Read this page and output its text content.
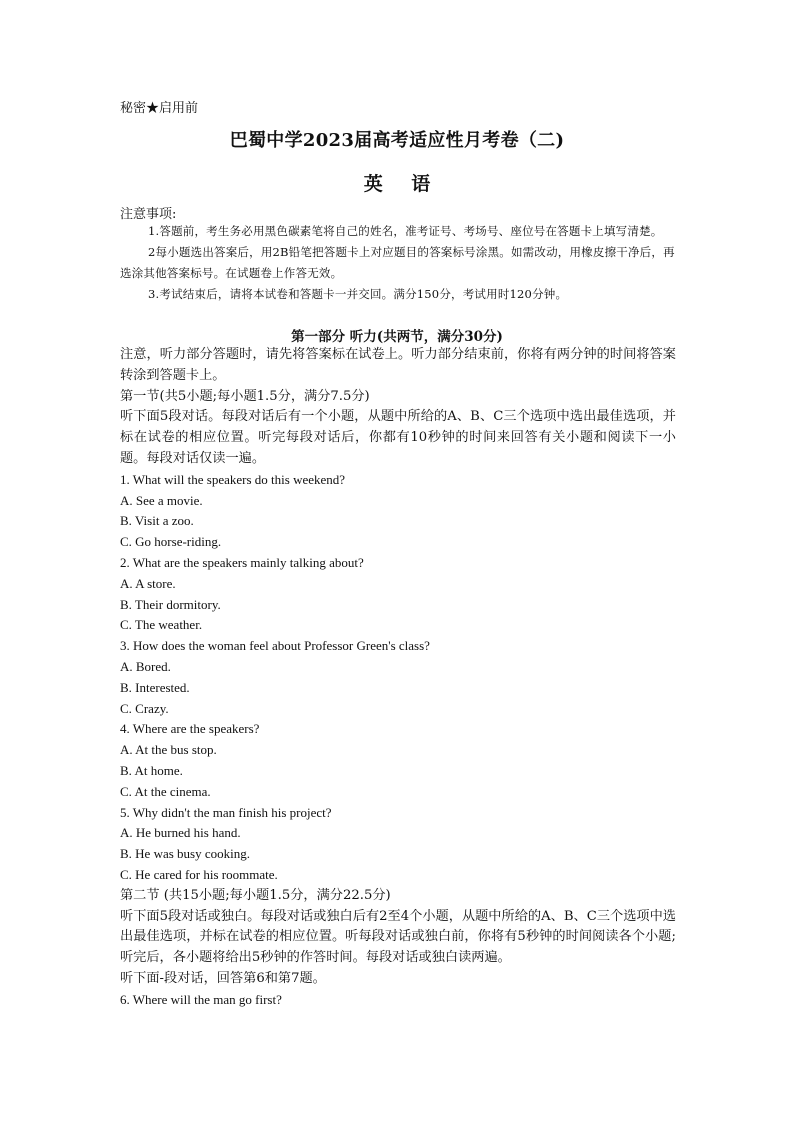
秘密★启用前
巴蜀中学2023届高考适应性月考卷（二)
英 语
注意事项:

1.答题前，考生务必用黑色碳素笔将自己的姓名，准考证号、考场号、座位号在答题卡上填写清楚。

2每小题选出答案后，用2B铅笔把答题卡上对应题目的答案标号涂黑。如需改动，用橡皮擦干净后，再选涂其他答案标号。在试题卷上作答无效。

3.考试结束后，请将本试卷和答题卡一并交回。满分150分，考试用时120分钟。

第一部分 听力(共两节，满分30分)
注意，听力部分答题时，请先将答案标在试卷上。听力部分结束前，你将有两分钟的时间将答案转涂到答题卡上。
第一节(共5小题;每小题1.5分，满分7.5分)
听下面5段对话。每段对话后有一个小题，从题中所给的A、B、C三个选项中选出最佳选项，并标在试卷的相应位置。听完每段对话后，你都有10秒钟的时间来回答有关小题和阅读下一小题。每段对话仅读一遍。
1. What will the speakers do this weekend?
A. See a movie.
B. Visit a zoo.
C. Go horse-riding.
2. What are the speakers mainly talking about?
A. A store.
B. Their dormitory.
C. The weather.
3. How does the woman feel about Professor Green's class?
A. Bored.
B. Interested.
C. Crazy.
4. Where are the speakers?
A. At the bus stop.
B. At home.
C. At the cinema.
5. Why didn't the man finish his project?
A. He burned his hand.
B. He was busy cooking.
C. He cared for his roommate.
第二节 (共15小题;每小题1.5分，满分22.5分)
听下面5段对话或独白。每段对话或独白后有2至4个小题，从题中所给的A、B、C三个选项中选出最佳选项，并标在试卷的相应位置。听每段对话或独白前，你将有5秒钟的时间阅读各个小题;听完后，各小题将给出5秒钟的作答时间。每段对话或独白读两遍。
听下面-段对话，回答第6和第7题。
6. Where will the man go first?
